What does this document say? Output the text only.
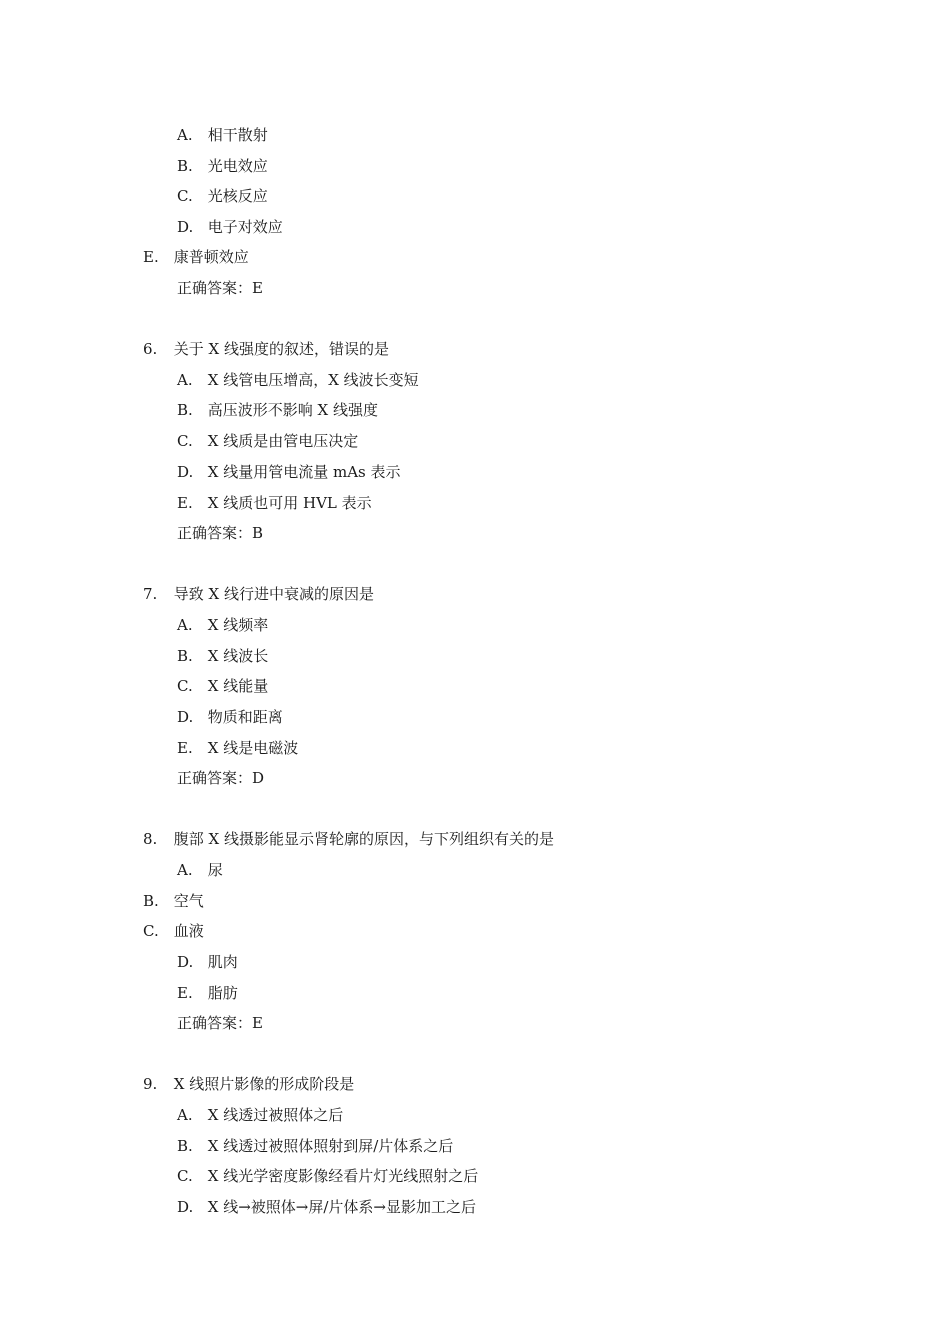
A. 相干散射
B. 光电效应
C. 光核反应
D. 电子对效应
E. 康普顿效应
正确答案：E
6. 关于 X 线强度的叙述，错误的是
A. X 线管电压增高，X 线波长变短
B. 高压波形不影响 X 线强度
C. X 线质是由管电压决定
D. X 线量用管电流量 mAs 表示
E. X 线质也可用 HVL 表示
正确答案：B
7. 导致 X 线行进中衰减的原因是
A. X 线频率
B. X 线波长
C. X 线能量
D. 物质和距离
E. X 线是电磁波
正确答案：D
8. 腹部 X 线摄影能显示肾轮廓的原因，与下列组织有关的是
A. 尿
B. 空气
C. 血液
D. 肌肉
E. 脂肪
正确答案：E
9. X 线照片影像的形成阶段是
A. X 线透过被照体之后
B. X 线透过被照体照射到屏/片体系之后
C. X 线光学密度影像经看片灯光线照射之后
D. X 线→被照体→屏/片体系→显影加工之后
